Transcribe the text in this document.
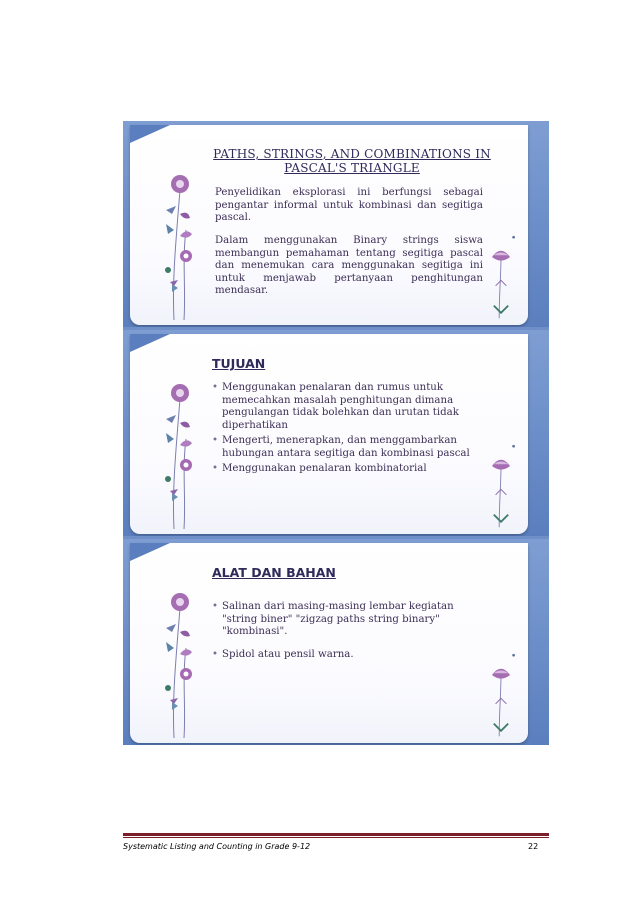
PATHS, STRINGS, AND COMBINATIONS IN
PASCAL'S TRIANGLE
Penyelidikan eksplorasi ini berfungsi sebagai pengantar informal untuk kombinasi dan segitiga pascal.
Dalam menggunakan Binary strings siswa membangun pemahaman tentang segitiga pascal dan menemukan cara menggunakan segitiga ini untuk menjawab pertanyaan penghitungan mendasar.
TUJUAN
• Menggunakan penalaran dan rumus untuk memecahkan masalah penghitungan dimana pengulangan tidak bolehkan dan urutan tidak diperhatikan
• Mengerti, menerapkan, dan menggambarkan hubungan antara segitiga dan kombinasi pascal
• Menggunakan penalaran kombinatorial
ALAT DAN BAHAN
• Salinan dari masing-masing lembar kegiatan "string biner" "zigzag paths string binary" "kombinasi".
• Spidol atau pensil warna.
Systematic Listing and Counting in Grade 9-12	22
